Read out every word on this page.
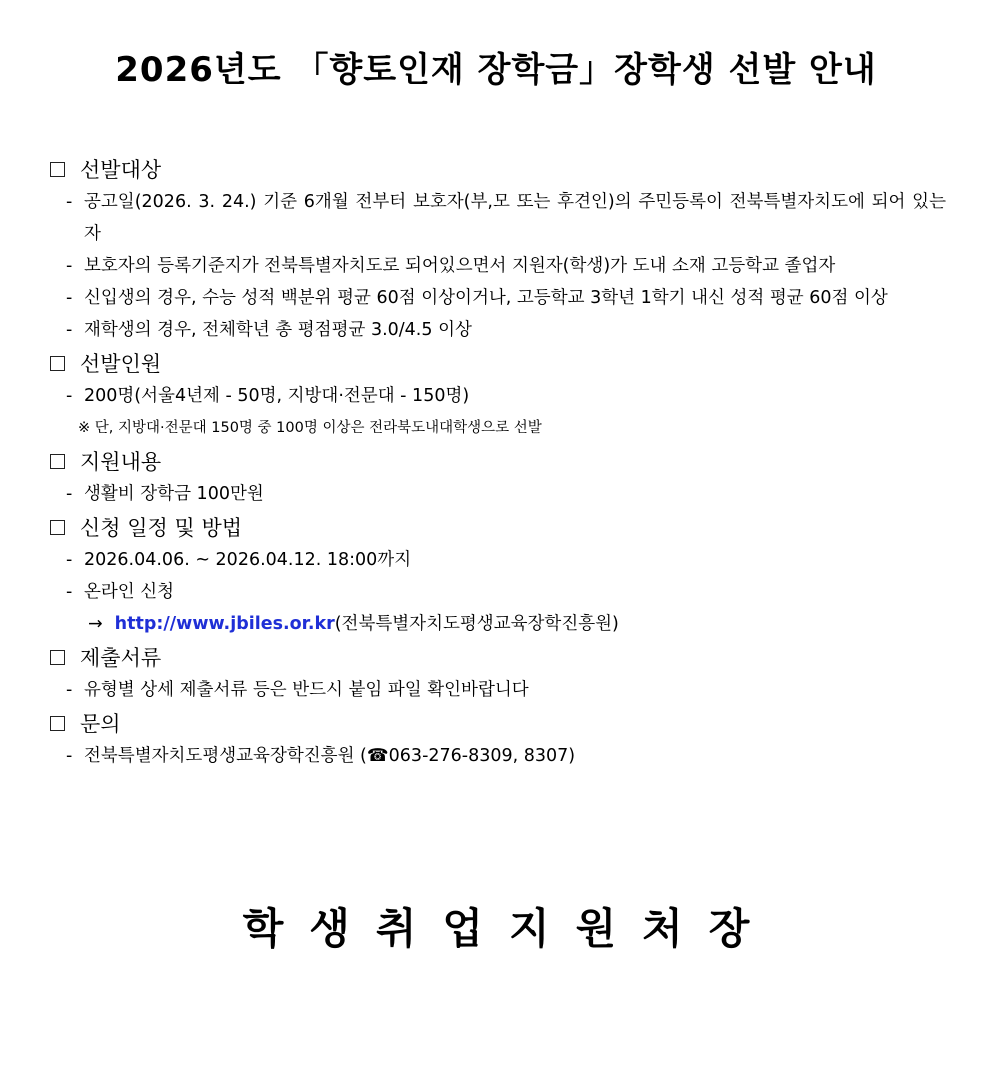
2026년도 「향토인재 장학금」장학생 선발 안내
선발대상
- 공고일(2026. 3. 24.) 기준 6개월 전부터 보호자(부,모 또는 후견인)의 주민등록이 전북특별자치도에 되어 있는 자
- 보호자의 등록기준지가 전북특별자치도로 되어있으면서 지원자(학생)가 도내 소재 고등학교 졸업자
- 신입생의 경우, 수능 성적 백분위 평균 60점 이상이거나, 고등학교 3학년 1학기 내신 성적 평균 60점 이상
- 재학생의 경우, 전체학년 총 평점평균 3.0/4.5 이상
선발인원
- 200명(서울4년제 - 50명, 지방대·전문대 - 150명)
※ 단, 지방대·전문대 150명 중 100명 이상은 전라북도내대학생으로 선발
지원내용
- 생활비 장학금 100만원
신청 일정 및 방법
- 2026.04.06. ~ 2026.04.12. 18:00까지
- 온라인 신청
→ http://www.jbiles.or.kr(전북특별자치도평생교육장학진흥원)
제출서류
- 유형별 상세 제출서류 등은 반드시 붙임 파일 확인바랍니다
문의
- 전북특별자치도평생교육장학진흥원 (☎063-276-8309, 8307)
학생취업지원처장
